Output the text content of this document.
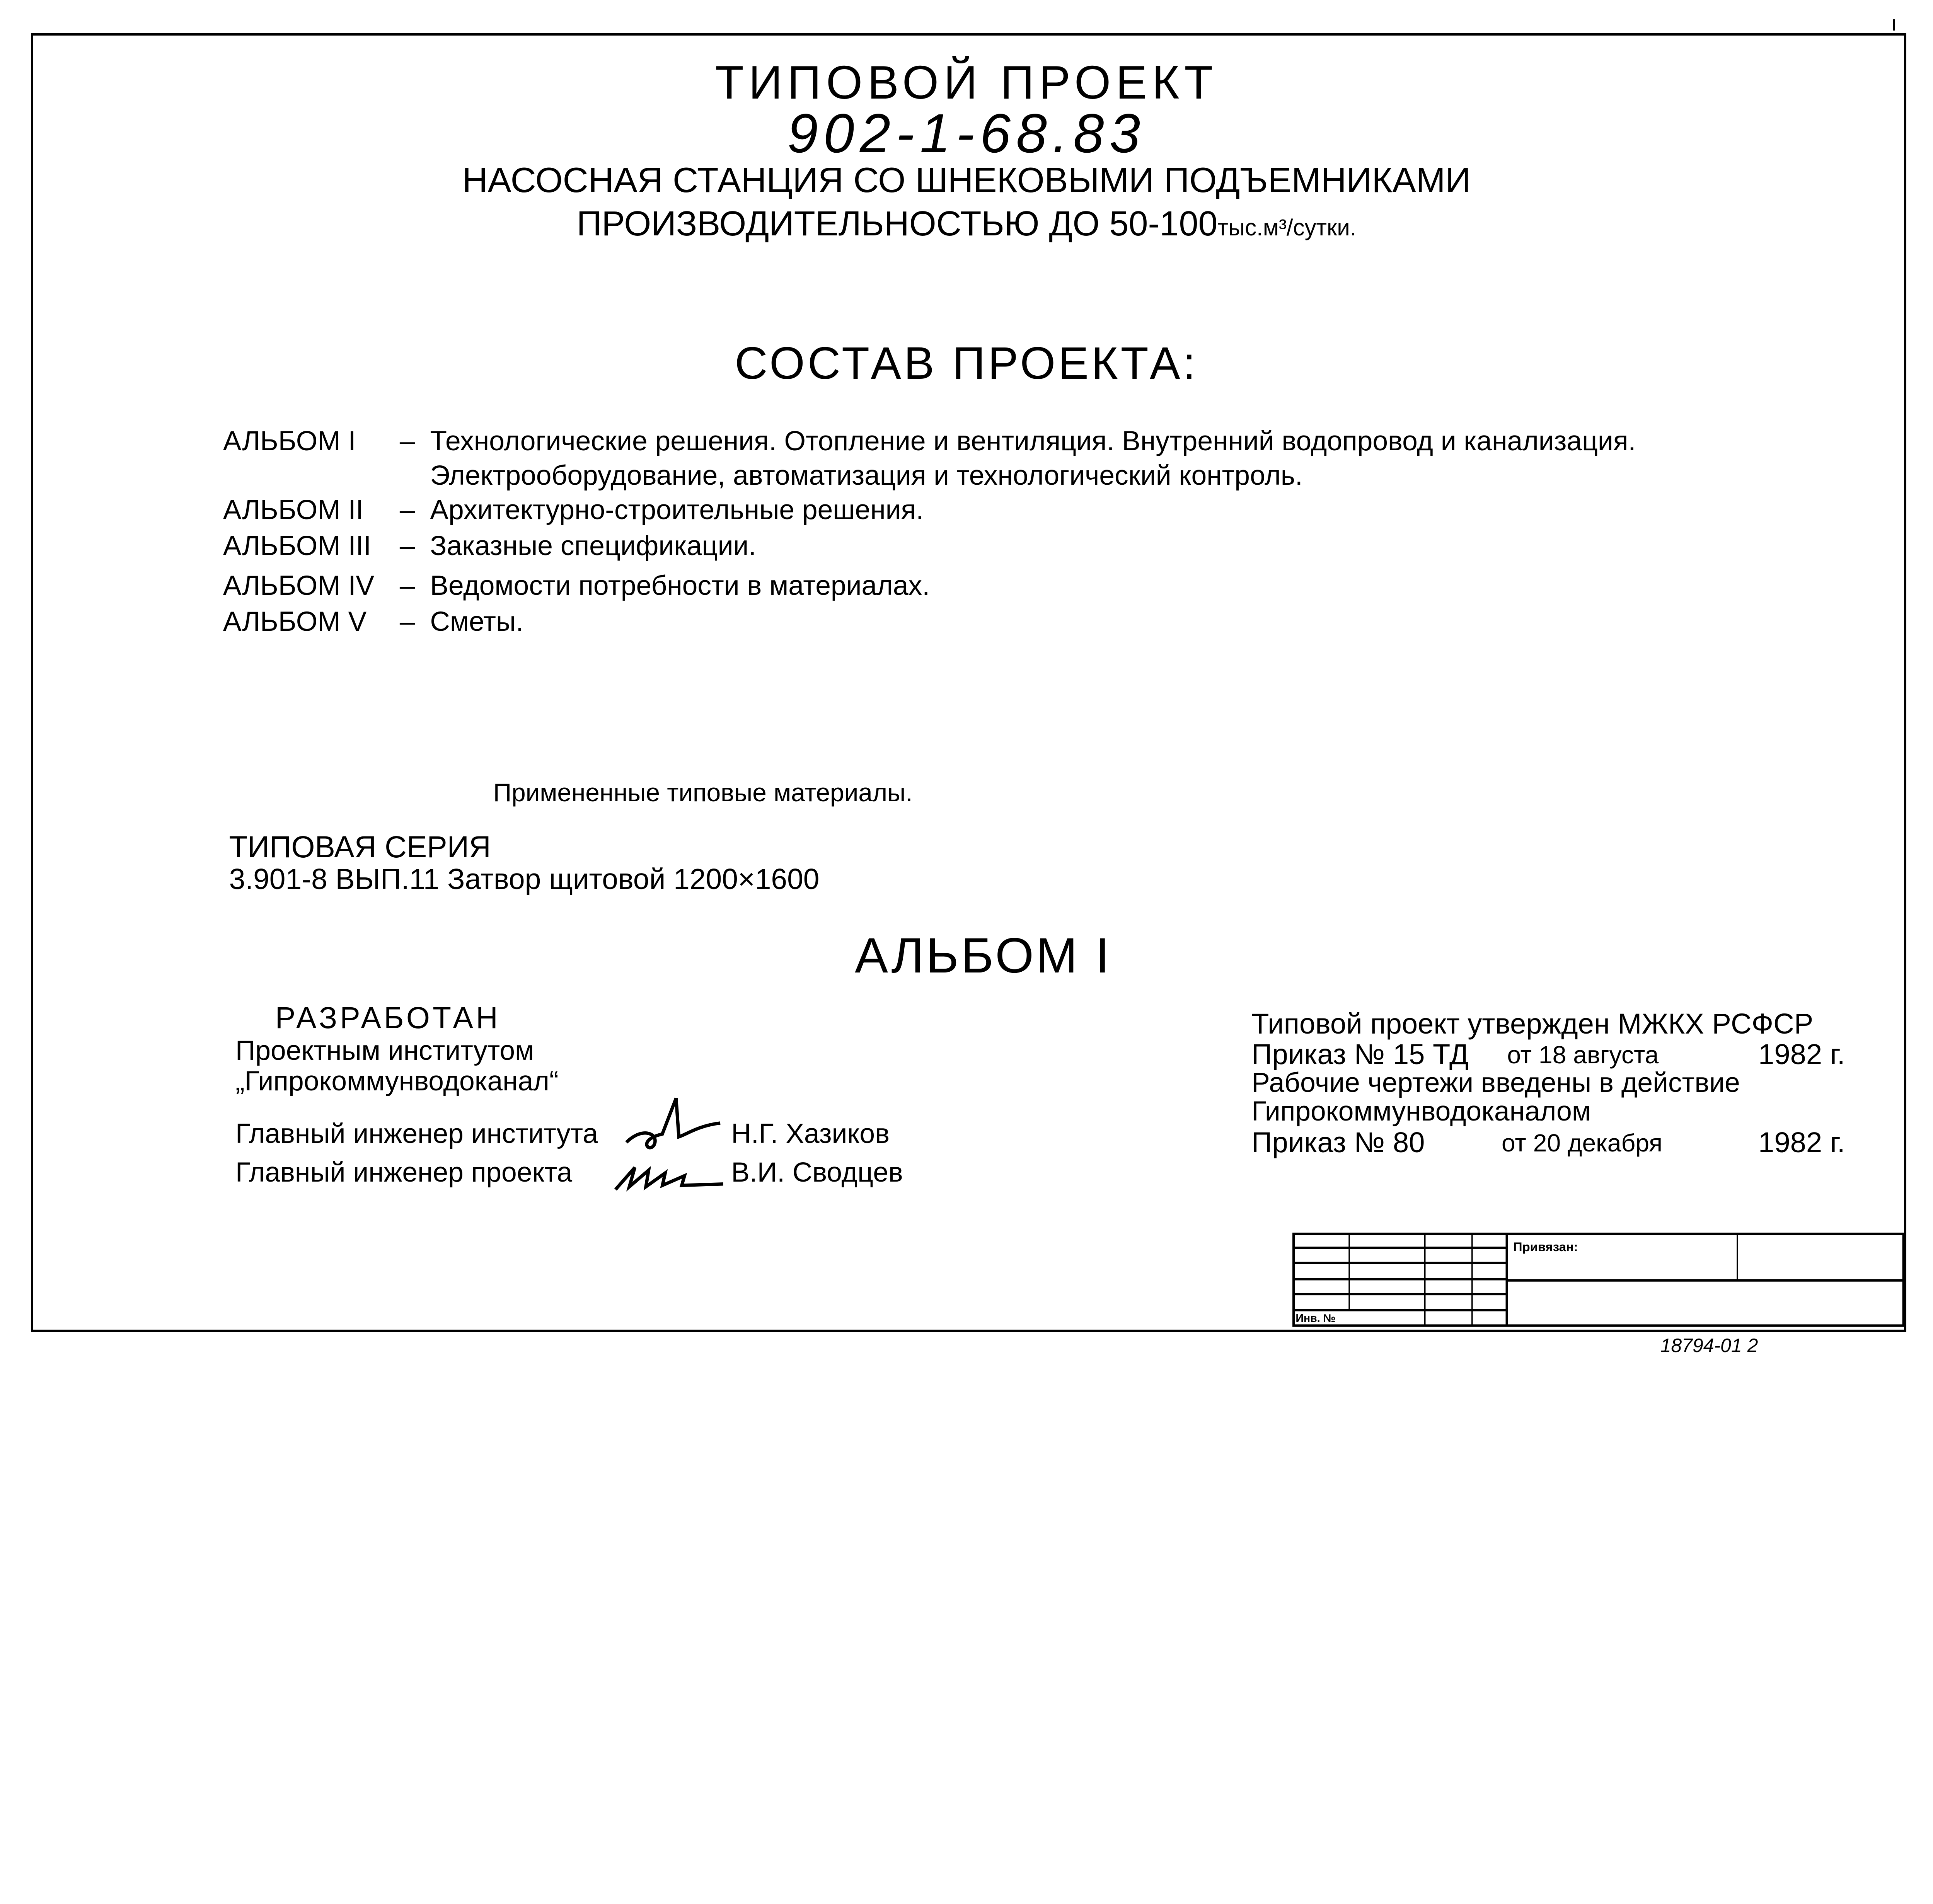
ТИПОВОЙ ПРОЕКТ
902-1-68.83
НАСОСНАЯ СТАНЦИЯ СО ШНЕКОВЫМИ ПОДЪЕМНИКАМИ
ПРОИЗВОДИТЕЛЬНОСТЬЮ ДО 50-100тыс.м³/сутки.
СОСТАВ ПРОЕКТА:
АЛЬБОМ I	– Технологические решения. Отопление и вентиляция. Внутренний водопровод и канализация.
Электрооборудование, автоматизация и технологический контроль.
АЛЬБОМ II	– Архитектурно-строительные решения.
АЛЬБОМ III	– Заказные спецификации.
АЛЬБОМ IV – Ведомости потребности в материалах.
АЛЬБОМ V	– Сметы.
Примененные типовые материалы.
ТИПОВАЯ СЕРИЯ
3.901-8 ВЫП.11 Затвор щитовой 1200×1600
АЛЬБОМ I
РАЗРАБОТАН
Проектным институтом
„Гипрокоммунводоканал“
Главный инженер института	Н.Г. Хазиков
Главный инженер проекта	В.И. Сводцев
Типовой проект утвержден МЖКХ РСФСР
Приказ № 15 ТД от 18 августа	1982 г.
Рабочие чертежи введены в действие
Гипрокоммунводоканалом
Приказ № 80	от 20 декабря	1982 г.
Привязан:
Инв. №
18794-01 2
